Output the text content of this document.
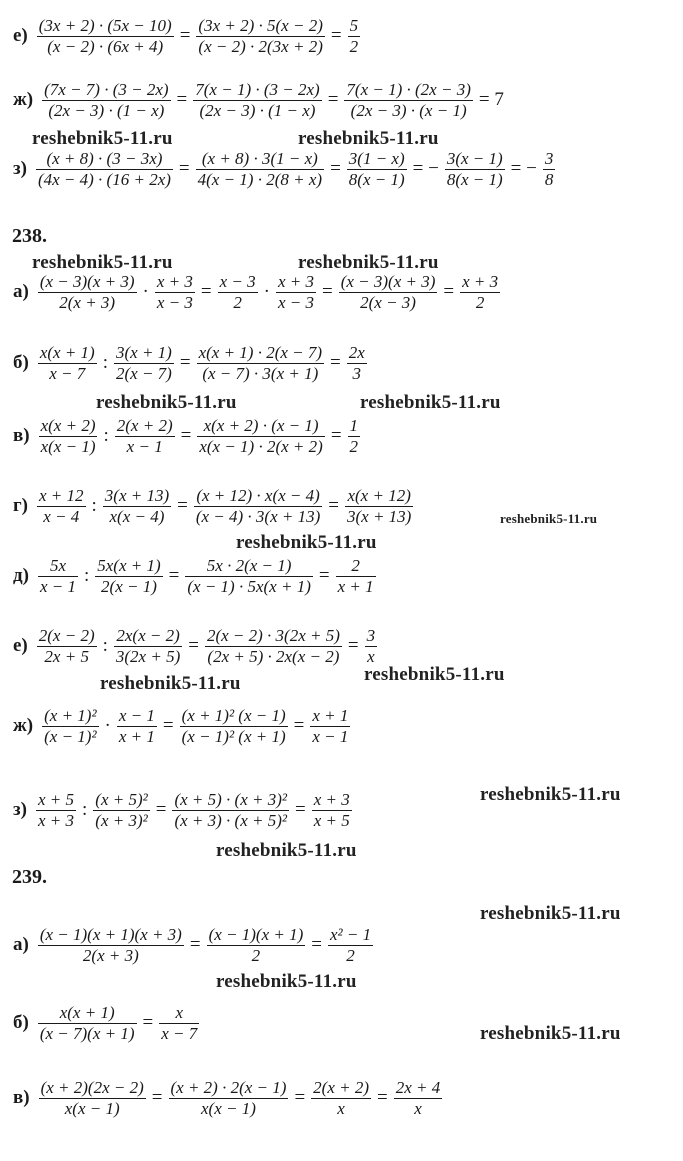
е) (3x + 2) · (5x − 10)
(x − 2) · (6x + 4) = (3x + 2) · 5(x − 2)
(x − 2) · 2(3x + 2) = 5
2
ж) (7x − 7) · (3 − 2x)
(2x − 3) · (1 − x) = 7(x − 1) · (3 − 2x)
(2x − 3) · (1 − x) = 7(x − 1) · (2x − 3)
(2x − 3) · (x − 1) = 7
з) (x + 8) · (3 − 3x)
(4x − 4) · (16 + 2x) = (x + 8) · 3(1 − x)
4(x − 1) · 2(8 + x) = 3(1 − x)
8(x − 1) = − 3(x − 1)
8(x − 1) = − 3
8
а) (x − 3)(x + 3)
2(x + 3) · x + 3
x − 3 = x − 3
2 · x + 3
x − 3 = (x − 3)(x + 3)
2(x − 3) = x + 3
2
б) x(x + 1)
x − 7 : 3(x + 1)
2(x − 7) = x(x + 1) · 2(x − 7)
(x − 7) · 3(x + 1) = 2x
3
в) x(x + 2)
x(x − 1) : 2(x + 2)
x − 1 = x(x + 2) · (x − 1)
x(x − 1) · 2(x + 2) = 1
2
г) x + 12
x − 4 : 3(x + 13)
x(x − 4) = (x + 12) · x(x − 4)
(x − 4) · 3(x + 13) = x(x + 12)
3(x + 13)
д) 5x
x − 1 : 5x(x + 1)
2(x − 1) = 5x · 2(x − 1)
(x − 1) · 5x(x + 1) = 2
x + 1
е) 2(x − 2)
2x + 5 : 2x(x − 2)
3(2x + 5) = 2(x − 2) · 3(2x + 5)
(2x + 5) · 2x(x − 2) = 3
x
ж) (x + 1)²
(x − 1)² · x − 1
x + 1 = (x + 1)² (x − 1)
(x − 1)² (x + 1) = x + 1
x − 1
з) x + 5
x + 3 : (x + 5)²
(x + 3)² = (x + 5) · (x + 3)²
(x + 3) · (x + 5)² = x + 3
x + 5
а) (x − 1)(x + 1)(x + 3)
2(x + 3)	= (x − 1)(x + 1)
2	= x² − 1
2
б) x(x + 1)
(x − 7)(x + 1) = x
x − 7
в) (x + 2)(2x − 2)
x(x − 1) = (x + 2) · 2(x − 1)
x(x − 1) = 2(x + 2)
x = 2x + 4
x
238.
239.
reshebnik5-11.ru	reshebnik5-11.ru
reshebnik5-11.ru	reshebnik5-11.ru
reshebnik5-11.ru	reshebnik5-11.ru
reshebnik5-11.ru
reshebnik5-11.ru
reshebnik5-11.ru
reshebnik5-11.ru
reshebnik5-11.ru
reshebnik5-11.ru
reshebnik5-11.ru
reshebnik5-11.ru
reshebnik5-11.ru
